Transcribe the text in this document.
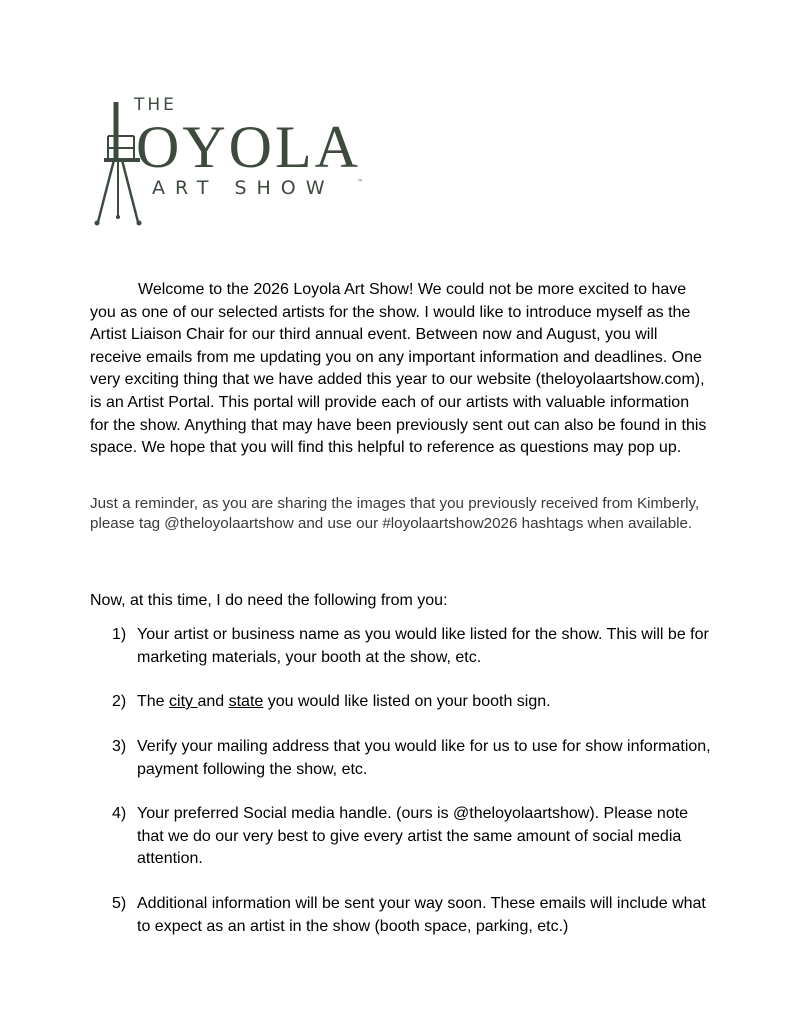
THE
OYOLA
ART SHOW	™

Welcome to the 2026 Loyola Art Show! We could not be more excited to have you as one of our selected artists for the show. I would like to introduce myself as the Artist Liaison Chair for our third annual event. Between now and August, you will receive emails from me updating you on any important information and deadlines. One very exciting thing that we have added this year to our website (theloyolaartshow.com), is an Artist Portal. This portal will provide each of our artists with valuable information for the show. Anything that may have been previously sent out can also be found in this space. We hope that you will find this helpful to reference as questions may pop up.

Just a reminder, as you are sharing the images that you previously received from Kimberly, please tag @theloyolaartshow and use our #loyolaartshow2026 hashtags when available.

Now, at this time, I do need the following from you:

1) Your artist or business name as you would like listed for the show. This will be for marketing materials, your booth at the show, etc.
2) The city and state you would like listed on your booth sign.
3) Verify your mailing address that you would like for us to use for show information, payment following the show, etc.
4) Your preferred Social media handle. (ours is @theloyolaartshow). Please note that we do our very best to give every artist the same amount of social media attention.
5) Additional information will be sent your way soon. These emails will include what to expect as an artist in the show (booth space, parking, etc.)
